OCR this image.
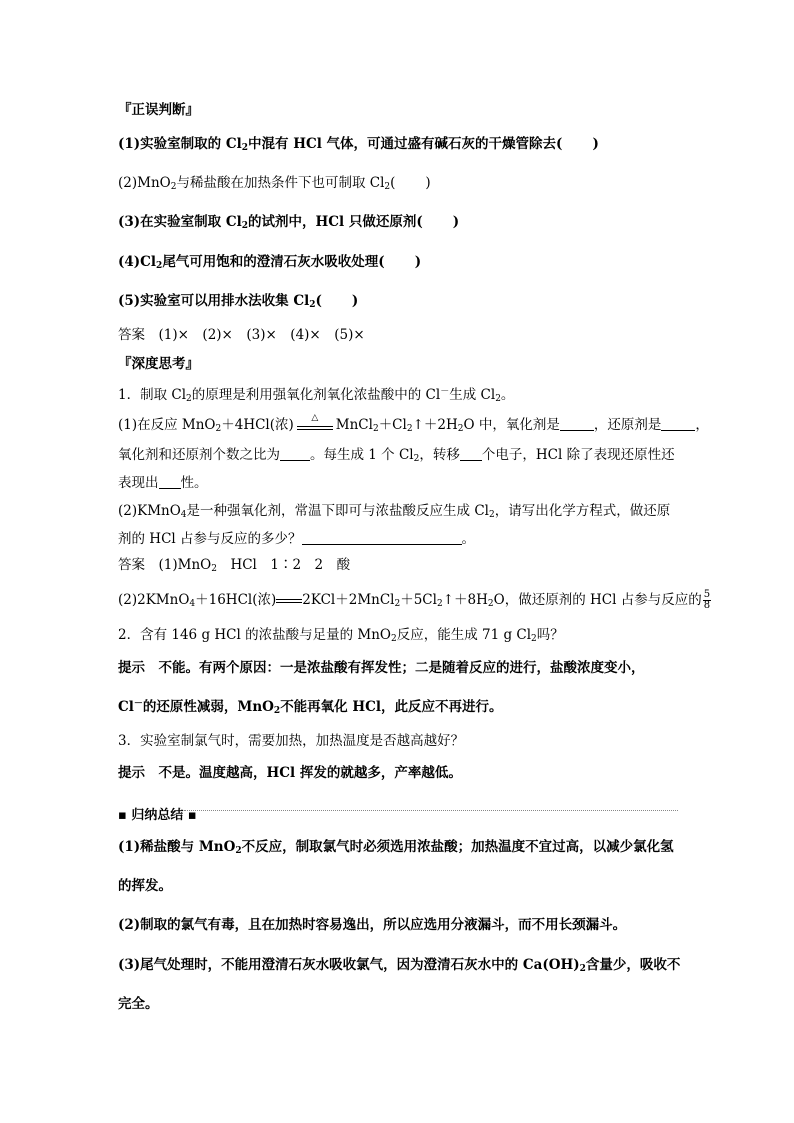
『正误判断』
(1)实验室制取的 $Cl_2$中混有 HCl 气体，可通过盛有碱石灰的干燥管除去( )
(2)MnO$_2$与稀盐酸在加热条件下也可制取 $Cl_2$( )
(3)在实验室制取 $Cl_2$的试剂中，HCl 只做还原剂( )
$(4)Cl_2$尾气可用饱和的澄清石灰水吸收处理( )
(5)实验室可以用排水法收集 $Cl_2$( )
答案　(1)×　(2)×　(3)×　(4)×　(5)×
『深度思考』
1．制取 $Cl_2$的原理是利用强氧化剂氧化浓盐酸中的 Cl－生成 $Cl_2$。
(1)在反应 MnO$_2$＋4HCl(浓)	△	$MnCl_2+Cl_2↑+2H_2O$ 中，氧化剂是	，还原剂是	，
氧化剂和还原剂个数之比为 。每生成 1 个 $Cl_2$，转移 个电子，HCl 除了表现还原性还
表现出 性。
(2)KMnO$_4$是一种强氧化剂，常温下即可与浓盐酸反应生成 $Cl_2$，请写出化学方程式，做还原
剂的 HCl 占参与反应的多少？	。
答案　(1)MnO$_2$　HCl　1∶2　2　酸
(2)2KMnO$_4$＋16HCl(浓) $2KCl+2MnCl_2+5Cl_2↑+8H_2O$，做还原剂的 HCl 占参与反应的 $\frac{5}{8}$
2．含有 146 g HCl 的浓盐酸与足量的 MnO$_2$反应，能生成 71 g $Cl_2$吗？
提示　不能。有两个原因：一是浓盐酸有挥发性；二是随着反应的进行，盐酸浓度变小，
Cl－的还原性减弱，MnO$_2$不能再氧化 HCl，此反应不再进行。
3．实验室制氯气时，需要加热，加热温度是否越高越好？
提示　不是。温度越高，HCl 挥发的就越多，产率越低。
▪ 归纳总结 ▪
(1)稀盐酸与 MnO$_2$不反应，制取氯气时必须选用浓盐酸；加热温度不宜过高，以减少氯化氢
的挥发。
(2)制取的氯气有毒，且在加热时容易逸出，所以应选用分液漏斗，而不用长颈漏斗。
(3)尾气处理时，不能用澄清石灰水吸收氯气，因为澄清石灰水中的 $Ca(OH)_2$含量少，吸收不
完全。
